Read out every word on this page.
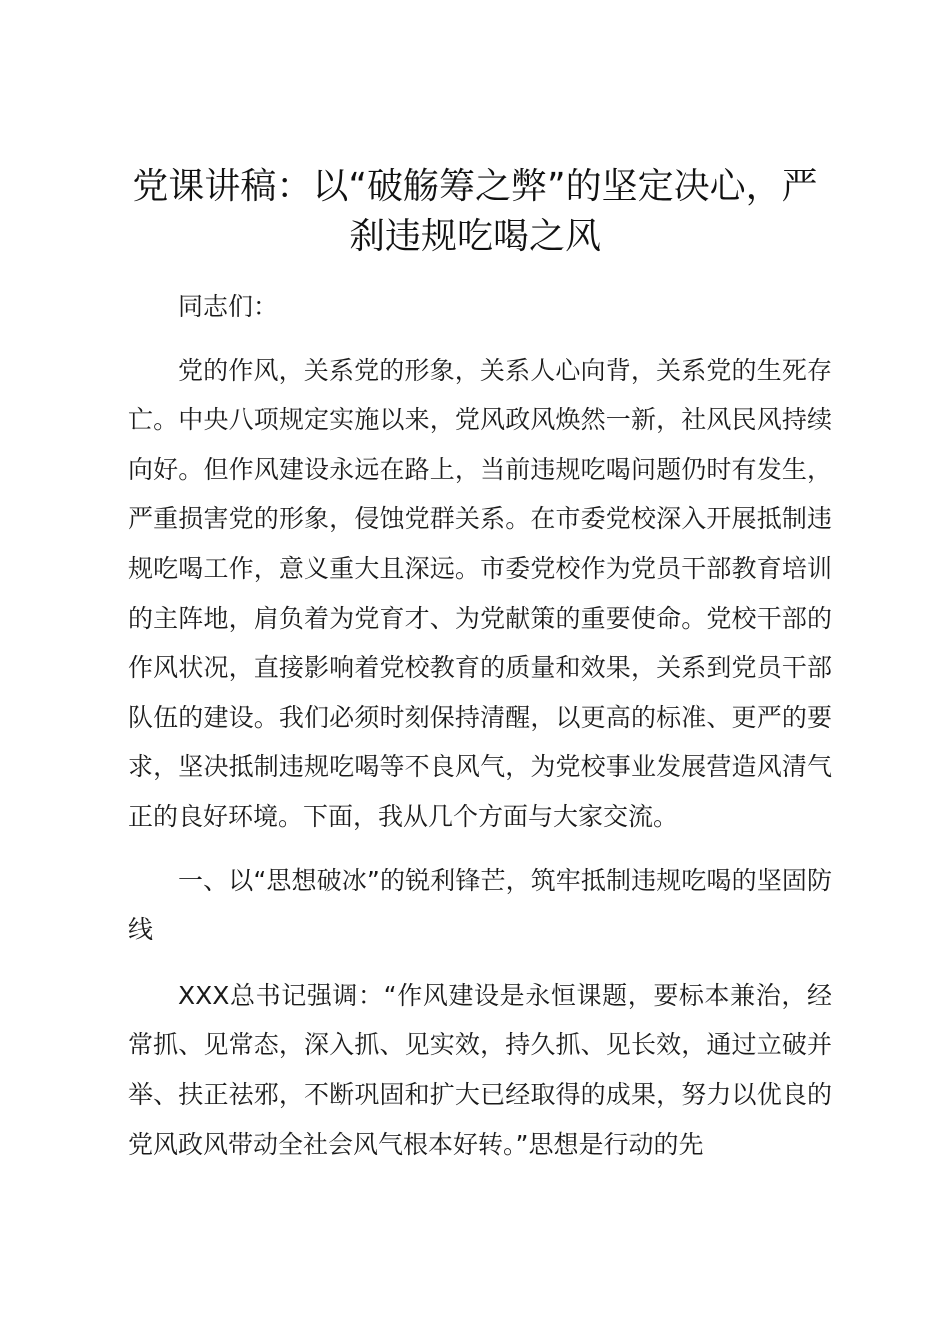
党课讲稿：以“破觞筹之弊”的坚定决心，严刹违规吃喝之风

同志们：

党的作风，关系党的形象，关系人心向背，关系党的生死存亡。中央八项规定实施以来，党风政风焕然一新，社风民风持续向好。但作风建设永远在路上，当前违规吃喝问题仍时有发生，严重损害党的形象，侵蚀党群关系。在市委党校深入开展抵制违规吃喝工作，意义重大且深远。市委党校作为党员干部教育培训的主阵地，肩负着为党育才、为党献策的重要使命。党校干部的作风状况，直接影响着党校教育的质量和效果，关系到党员干部队伍的建设。我们必须时刻保持清醒，以更高的标准、更严的要求，坚决抵制违规吃喝等不良风气，为党校事业发展营造风清气正的良好环境。下面，我从几个方面与大家交流。

一、以“思想破冰”的锐利锋芒，筑牢抵制违规吃喝的坚固防线

XXX总书记强调：“作风建设是永恒课题，要标本兼治，经常抓、见常态，深入抓、见实效，持久抓、见长效，通过立破并举、扶正祛邪，不断巩固和扩大已经取得的成果，努力以优良的党风政风带动全社会风气根本好转。”思想是行动的先
